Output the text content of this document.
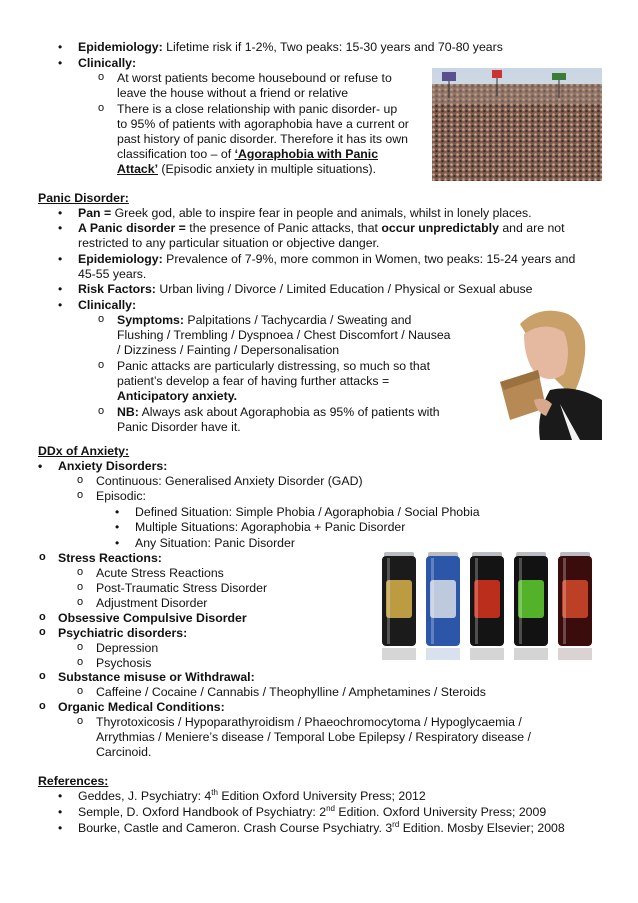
• Epidemiology: Lifetime risk if 1-2%, Two peaks: 15-30 years and 70-80 years
• Clinically:
o At worst patients become housebound or refuse to
leave the house without a friend or relative
o There is a close relationship with panic disorder- up
to 95% of patients with agoraphobia have a current or
past history of panic disorder. Therefore it has its own
classification too – of ‘Agoraphobia with Panic
Attack’ (Episodic anxiety in multiple situations).
Panic Disorder:
• Pan = Greek god, able to inspire fear in people and animals, whilst in lonely places.
• A Panic disorder = the presence of Panic attacks, that occur unpredictably and are not
restricted to any particular situation or objective danger.
• Epidemiology: Prevalence of 7-9%, more common in Women, two peaks: 15-24 years and
45-55 years.
• Risk Factors: Urban living / Divorce / Limited Education / Physical or Sexual abuse
• Clinically:
o Symptoms: Palpitations / Tachycardia / Sweating and
Flushing / Trembling / Dyspnoea / Chest Discomfort / Nausea
/ Dizziness / Fainting / Depersonalisation
o Panic attacks are particularly distressing, so much so that
patient’s develop a fear of having further attacks =
Anticipatory anxiety.
o NB: Always ask about Agoraphobia as 95% of patients with
Panic Disorder have it.
DDx of Anxiety:
• Anxiety Disorders:
o Continuous: Generalised Anxiety Disorder (GAD)
o Episodic:
• Defined Situation: Simple Phobia / Agoraphobia / Social Phobia
• Multiple Situations: Agoraphobia + Panic Disorder
• Any Situation: Panic Disorder
o Stress Reactions:
o Acute Stress Reactions
o Post-Traumatic Stress Disorder
o Adjustment Disorder
o Obsessive Compulsive Disorder
o Psychiatric disorders:
o Depression
o Psychosis
o Substance misuse or Withdrawal:
o Caffeine / Cocaine / Cannabis / Theophylline / Amphetamines / Steroids
o Organic Medical Conditions:
o Thyrotoxicosis / Hypoparathyroidism / Phaeochromocytoma / Hypoglycaemia /
Arrythmias / Meniere’s disease / Temporal Lobe Epilepsy / Respiratory disease /
Carcinoid.
References:
• Geddes, J. Psychiatry: 4th Edition Oxford University Press; 2012
• Semple, D. Oxford Handbook of Psychiatry: 2nd Edition. Oxford University Press; 2009
• Bourke, Castle and Cameron. Crash Course Psychiatry. 3rd Edition. Mosby Elsevier; 2008
